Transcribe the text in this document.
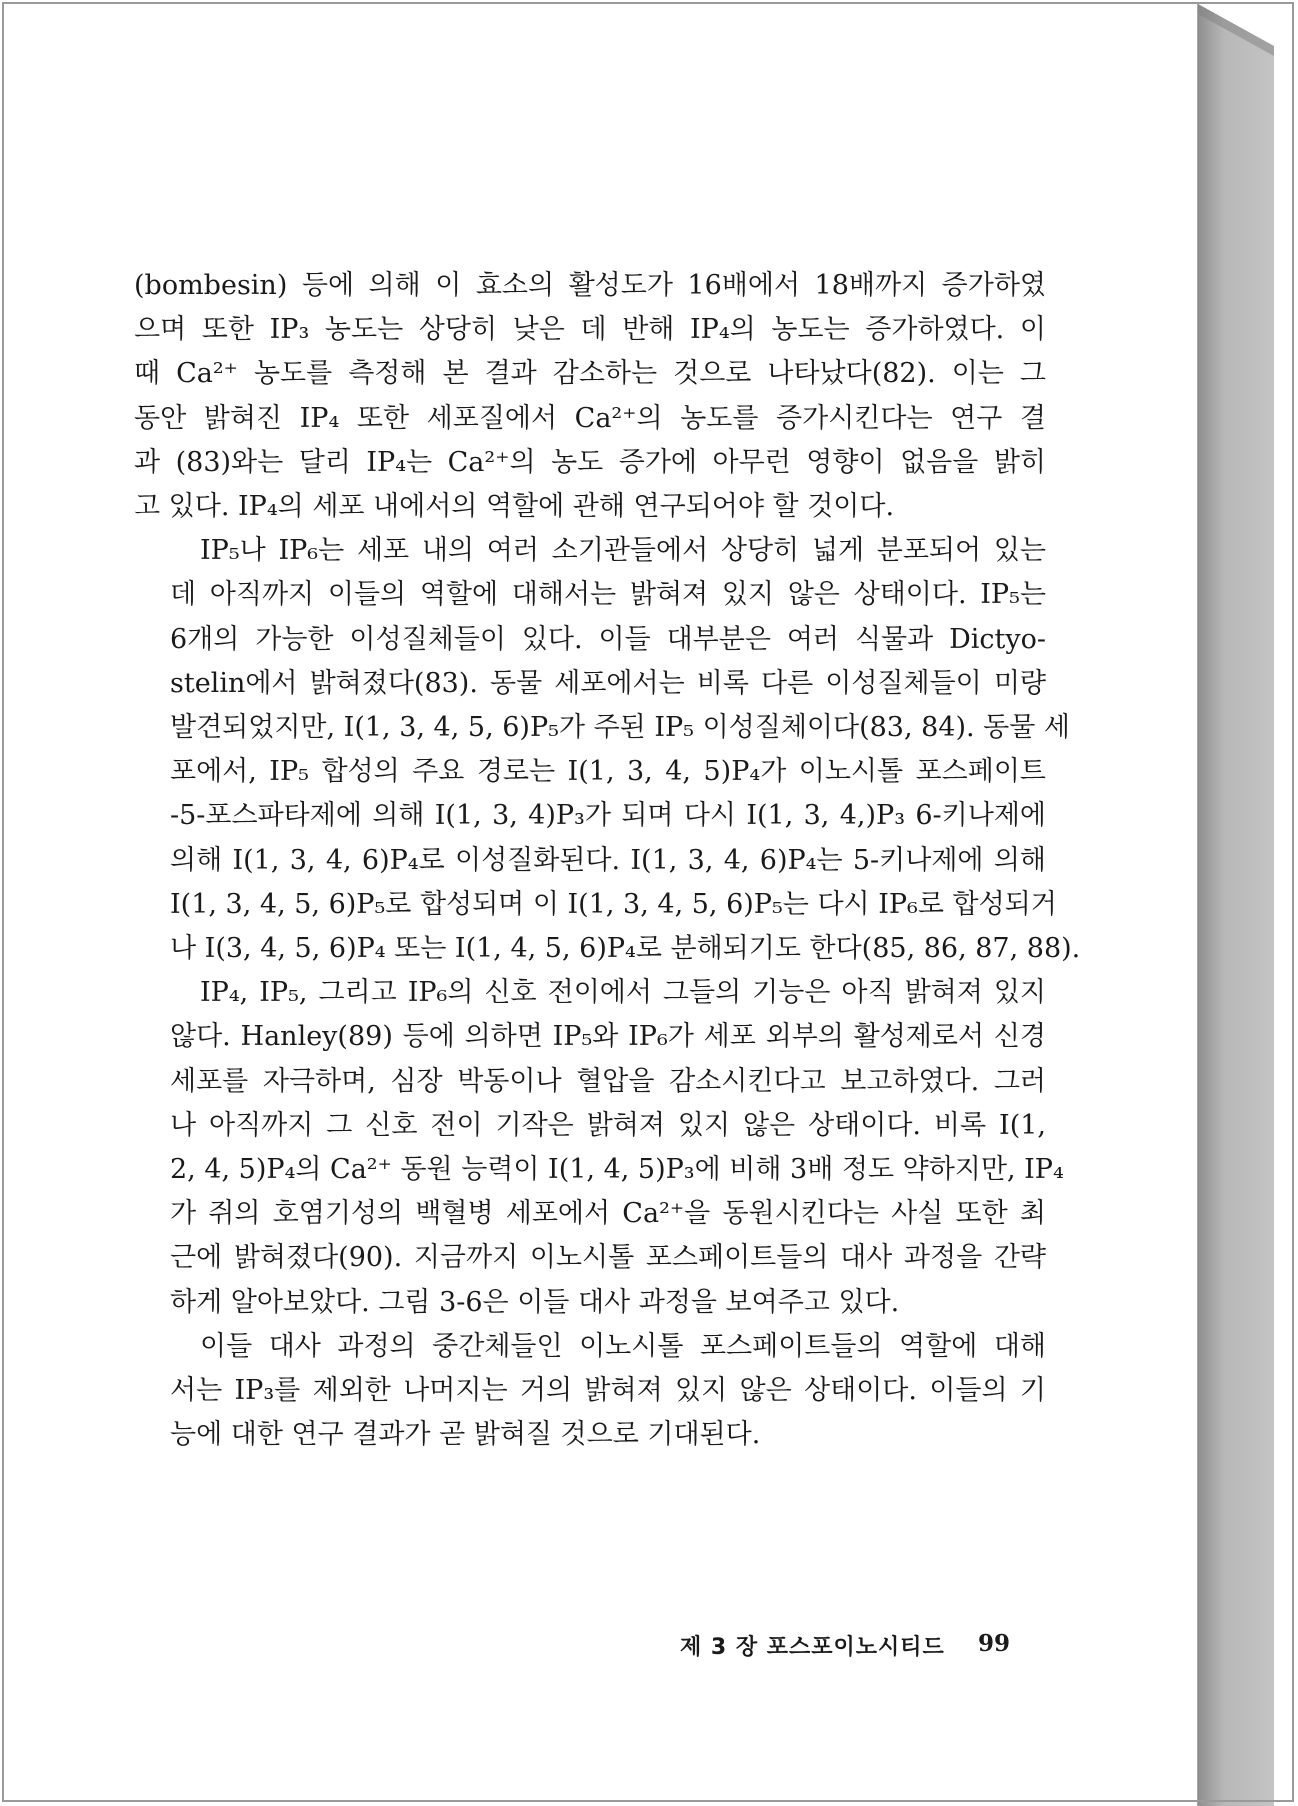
(bombesin) 등에 의해 이 효소의 활성도가 16배에서 18배까지 증가하였
으며 또한 IP₃ 농도는 상당히 낮은 데 반해 IP₄의 농도는 증가하였다. 이
때 Ca²⁺ 농도를 측정해 본 결과 감소하는 것으로 나타났다(82). 이는 그
동안 밝혀진 IP₄ 또한 세포질에서 Ca²⁺의 농도를 증가시킨다는 연구 결
과 (83)와는 달리 IP₄는 Ca²⁺의 농도 증가에 아무런 영향이 없음을 밝히
고 있다. IP₄의 세포 내에서의 역할에 관해 연구되어야 할 것이다.
IP₅나 IP₆는 세포 내의 여러 소기관들에서 상당히 넓게 분포되어 있는
데 아직까지 이들의 역할에 대해서는 밝혀져 있지 않은 상태이다. IP₅는
6개의 가능한 이성질체들이 있다. 이들 대부분은 여러 식물과 Dictyo-
stelin에서 밝혀졌다(83). 동물 세포에서는 비록 다른 이성질체들이 미량
발견되었지만, I(1, 3, 4, 5, 6)P₅가 주된 IP₅ 이성질체이다(83, 84). 동물 세
포에서, IP₅ 합성의 주요 경로는 I(1, 3, 4, 5)P₄가 이노시톨 포스페이트
-5-포스파타제에 의해 I(1, 3, 4)P₃가 되며 다시 I(1, 3, 4,)P₃ 6-키나제에
의해 I(1, 3, 4, 6)P₄로 이성질화된다. I(1, 3, 4, 6)P₄는 5-키나제에 의해
I(1, 3, 4, 5, 6)P₅로 합성되며 이 I(1, 3, 4, 5, 6)P₅는 다시 IP₆로 합성되거
나 I(3, 4, 5, 6)P₄ 또는 I(1, 4, 5, 6)P₄로 분해되기도 한다(85, 86, 87, 88).
IP₄, IP₅, 그리고 IP₆의 신호 전이에서 그들의 기능은 아직 밝혀져 있지
않다. Hanley(89) 등에 의하면 IP₅와 IP₆가 세포 외부의 활성제로서 신경
세포를 자극하며, 심장 박동이나 혈압을 감소시킨다고 보고하였다. 그러
나 아직까지 그 신호 전이 기작은 밝혀져 있지 않은 상태이다. 비록 I(1,
2, 4, 5)P₄의 Ca²⁺ 동원 능력이 I(1, 4, 5)P₃에 비해 3배 정도 약하지만, IP₄
가 쥐의 호염기성의 백혈병 세포에서 Ca²⁺을 동원시킨다는 사실 또한 최
근에 밝혀졌다(90). 지금까지 이노시톨 포스페이트들의 대사 과정을 간략
하게 알아보았다. 그림 3-6은 이들 대사 과정을 보여주고 있다.
이들 대사 과정의 중간체들인 이노시톨 포스페이트들의 역할에 대해
서는 IP₃를 제외한 나머지는 거의 밝혀져 있지 않은 상태이다. 이들의 기
능에 대한 연구 결과가 곧 밝혀질 것으로 기대된다.
제 3 장 포스포이노시티드 99
